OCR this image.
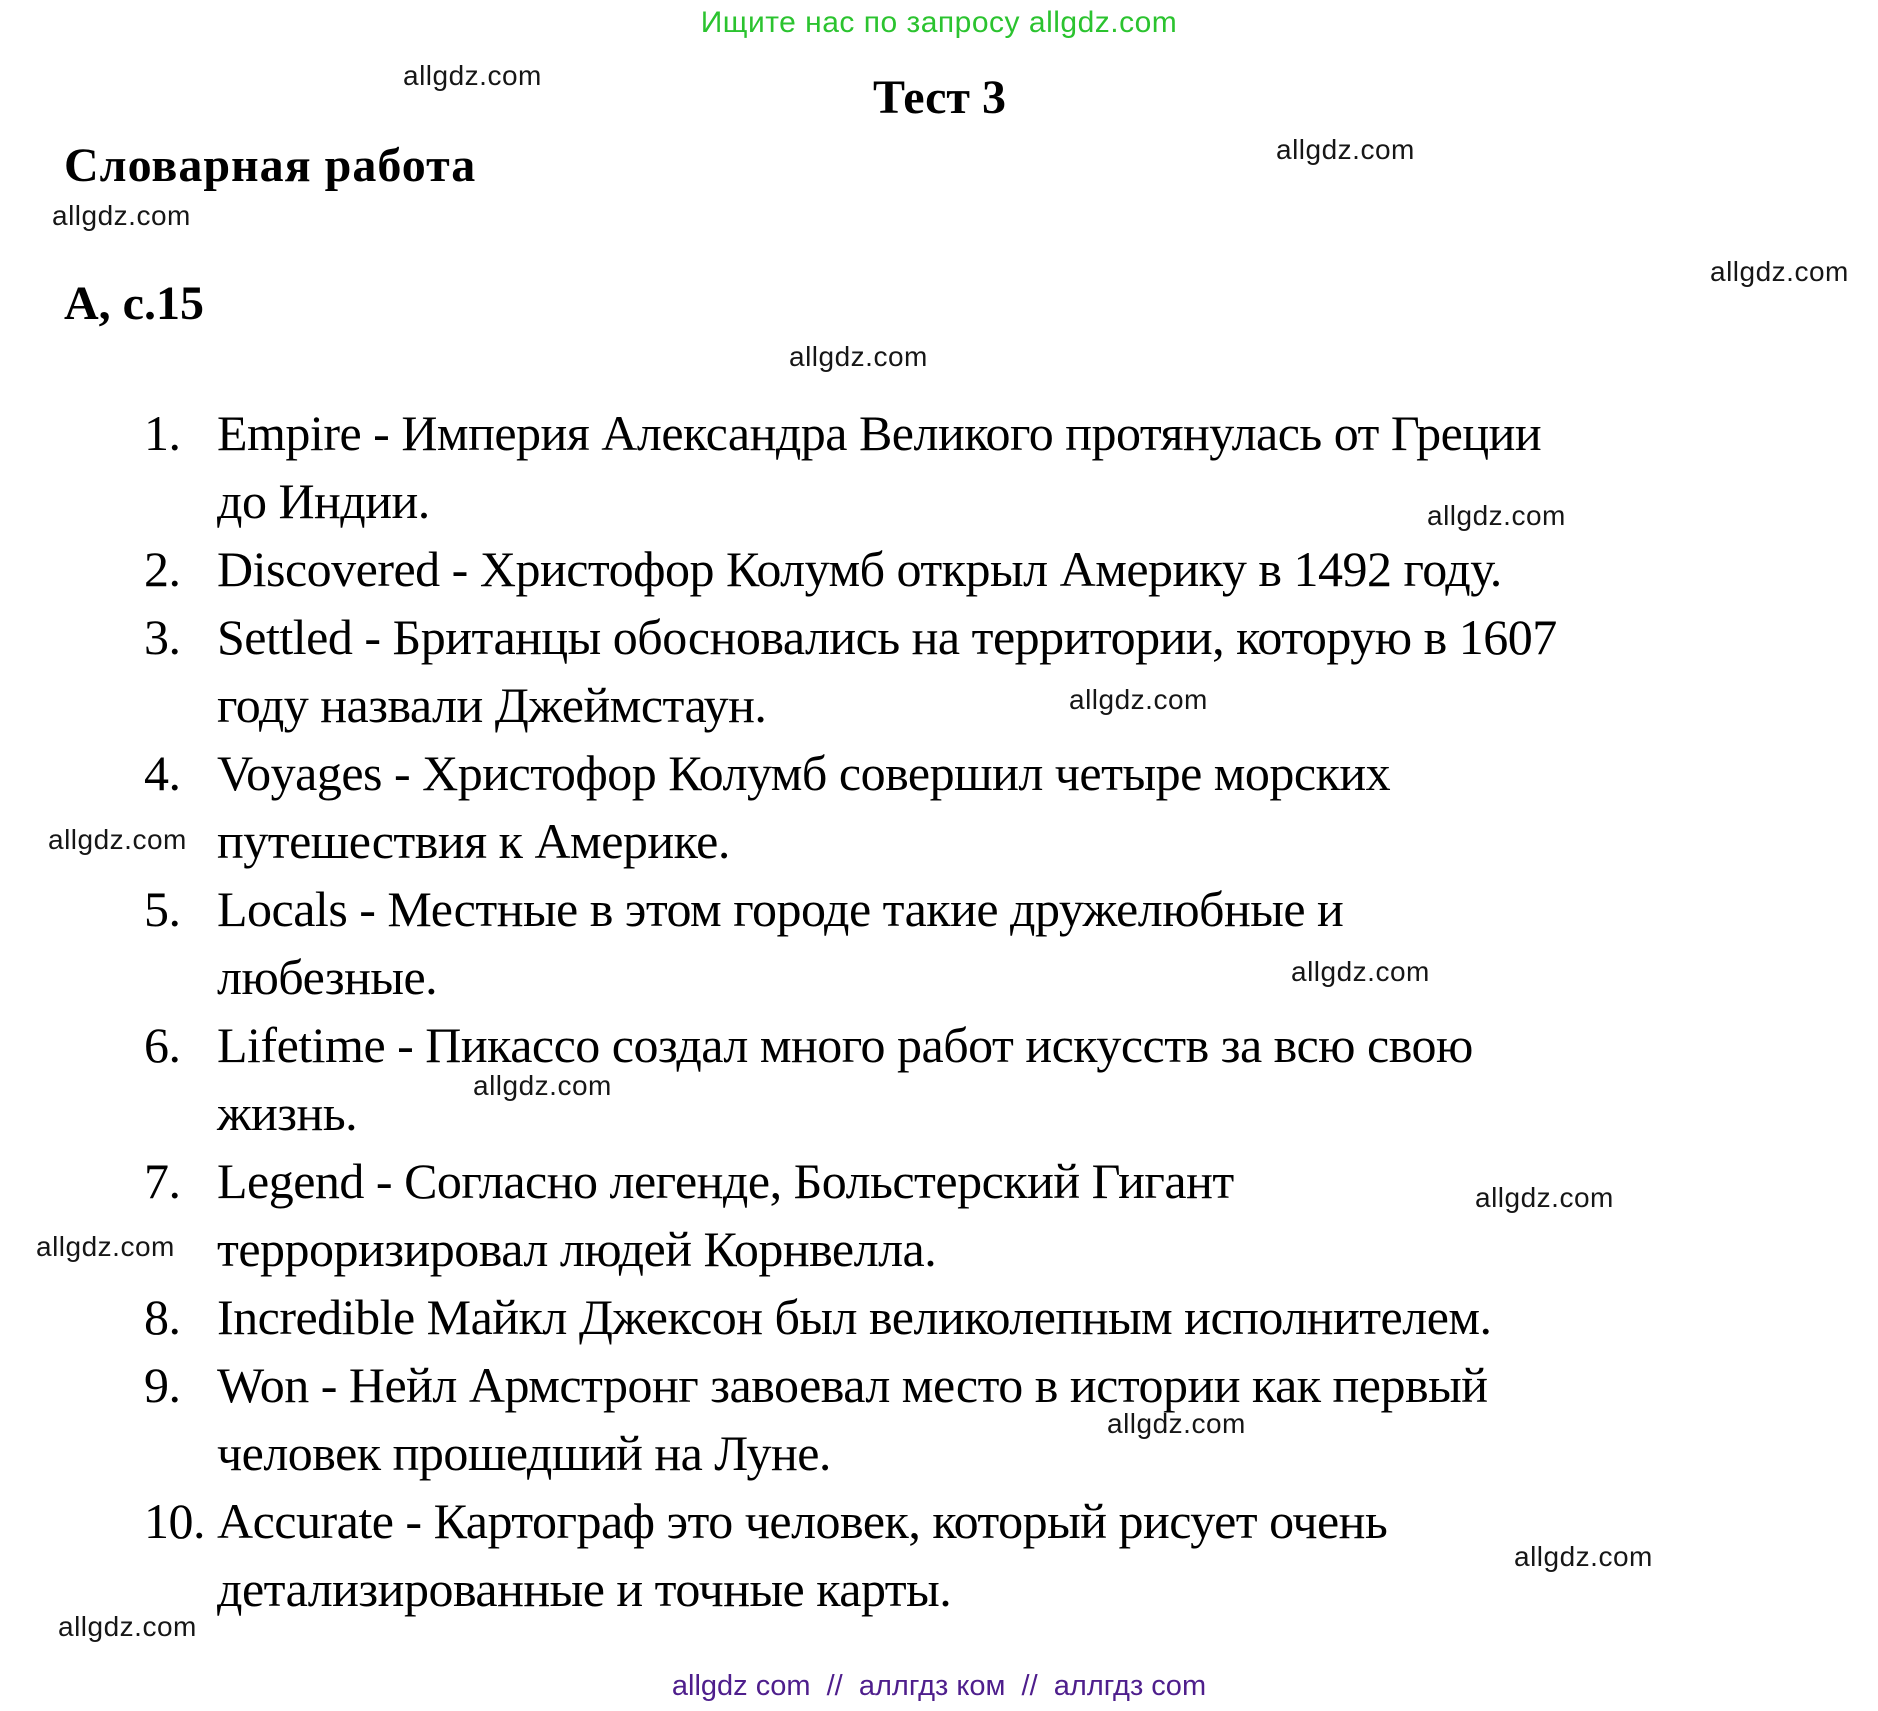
Ищите нас по запросу allgdz.com
allgdz.com
allgdz.com
allgdz.com
allgdz.com
allgdz.com
allgdz.com
allgdz.com
allgdz.com
allgdz.com
allgdz.com
allgdz.com
allgdz.com
allgdz.com
allgdz.com
allgdz.com
Тест 3
Словарная работа
А, с.15
1. Empire - Империя Александра Великого протянулась от Греции
до Индии.
2. Discovered - Христофор Колумб открыл Америку в 1492 году.
3. Settled - Британцы обосновались на территории, которую в 1607
году назвали Джеймстаун.
4. Voyages - Христофор Колумб совершил четыре морских
путешествия к Америке.
5. Locals - Местные в этом городе такие дружелюбные и
любезные.
6. Lifetime - Пикассо создал много работ искусств за всю свою
жизнь.
7. Legend - Согласно легенде, Больстерский Гигант
терроризировал людей Корнвелла.
8. Incredible Майкл Джексон был великолепным исполнителем.
9. Won - Нейл Армстронг завоевал место в истории как первый
человек прошедший на Луне.
10. Accurate - Картограф это человек, который рисует очень
детализированные и точные карты.
allgdz com  //  аллгдз ком  //  аллгдз com
